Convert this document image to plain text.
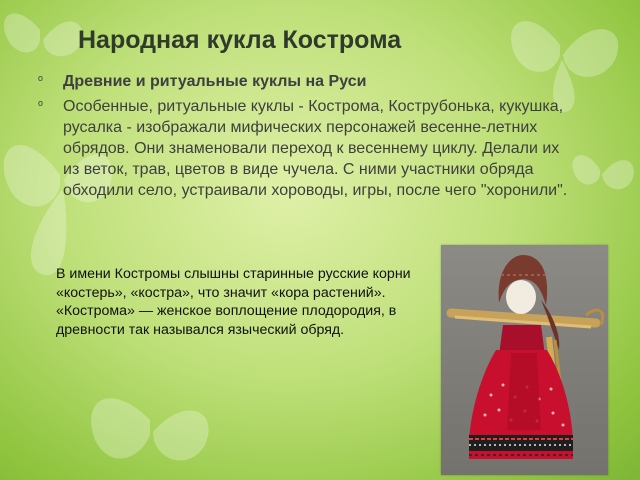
Народная кукла Кострома
ᵒ Древние и ритуальные куклы на Руси
ᵒ Особенные, ритуальные куклы - Кострома, Кострубонька, кукушка, русалка - изображали мифических персонажей весенне-летних обрядов. Они знаменовали переход к весеннему циклу. Делали их из веток, трав, цветов в виде чучела. С ними участники обряда обходили село, устраивали хороводы, игры, после чего "хоронили".
В имени Костромы слышны старинные русские корни «костерь», «костра», что значит «кора растений». «Кострома» — женское воплощение плодородия, в древности так назывался языческий обряд.
